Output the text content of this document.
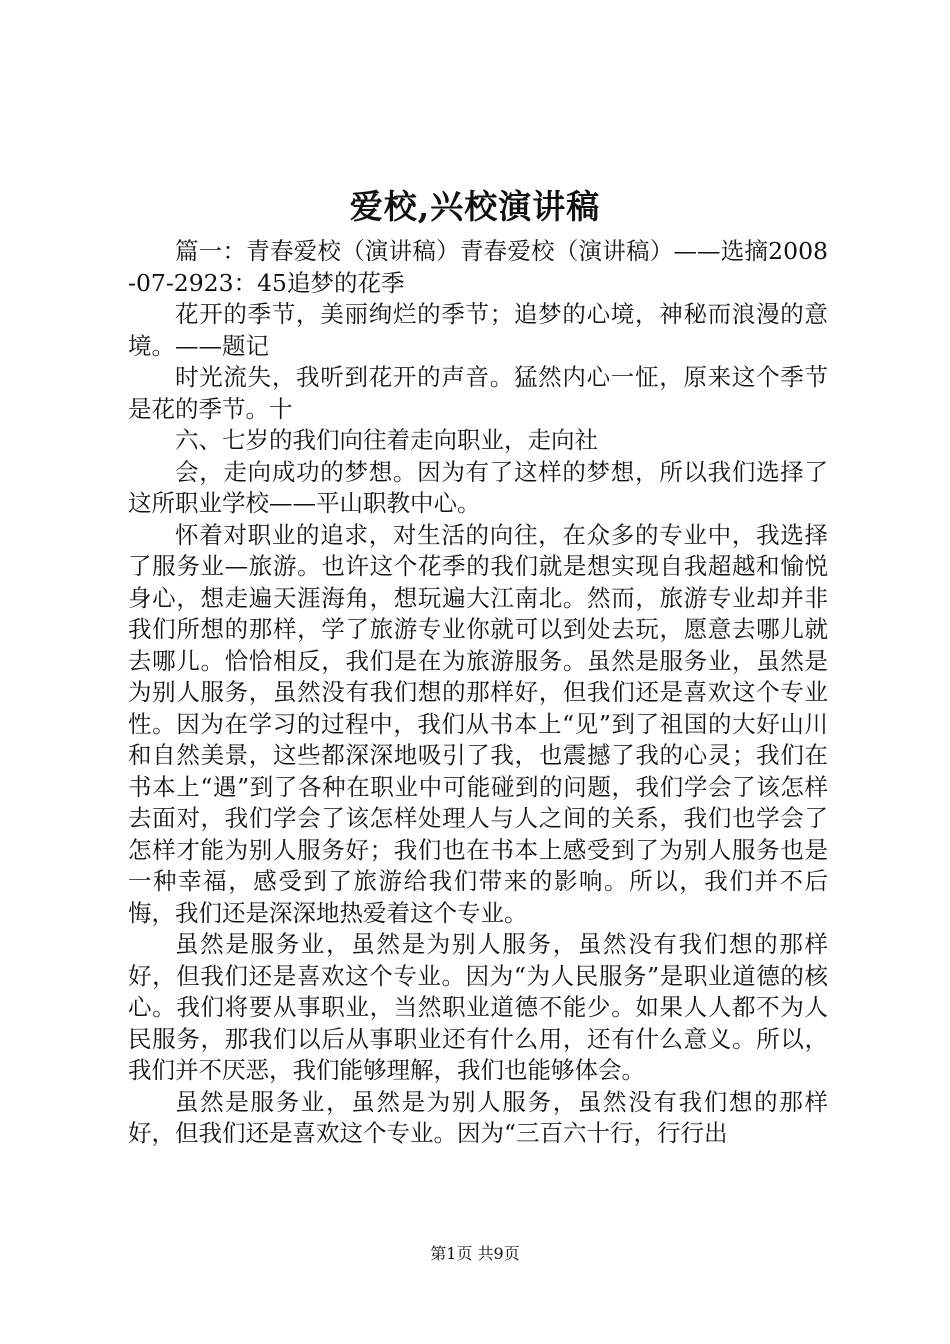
爱校,兴校演讲稿

篇一：青春爱校（演讲稿）青春爱校（演讲稿）——选摘2008-07-2923：45追梦的花季

花开的季节，美丽绚烂的季节；追梦的心境，神秘而浪漫的意境。——题记

时光流失，我听到花开的声音。猛然内心一怔，原来这个季节是花的季节。十

六、七岁的我们向往着走向职业，走向社

会，走向成功的梦想。因为有了这样的梦想，所以我们选择了这所职业学校——平山职教中心。

怀着对职业的追求，对生活的向往，在众多的专业中，我选择了服务业—旅游。也许这个花季的我们就是想实现自我超越和愉悦身心，想走遍天涯海角，想玩遍大江南北。然而，旅游专业却并非我们所想的那样，学了旅游专业你就可以到处去玩，愿意去哪儿就去哪儿。恰恰相反，我们是在为旅游服务。虽然是服务业，虽然是为别人服务，虽然没有我们想的那样好，但我们还是喜欢这个专业性。因为在学习的过程中，我们从书本上“见”到了祖国的大好山川和自然美景，这些都深深地吸引了我，也震撼了我的心灵；我们在书本上“遇”到了各种在职业中可能碰到的问题，我们学会了该怎样去面对，我们学会了该怎样处理人与人之间的关系，我们也学会了怎样才能为别人服务好；我们也在书本上感受到了为别人服务也是一种幸福，感受到了旅游给我们带来的影响。所以，我们并不后悔，我们还是深深地热爱着这个专业。

虽然是服务业，虽然是为别人服务，虽然没有我们想的那样好，但我们还是喜欢这个专业。因为“为人民服务”是职业道德的核心。我们将要从事职业，当然职业道德不能少。如果人人都不为人民服务，那我们以后从事职业还有什么用，还有什么意义。所以，我们并不厌恶，我们能够理解，我们也能够体会。

虽然是服务业，虽然是为别人服务，虽然没有我们想的那样好，但我们还是喜欢这个专业。因为“三百六十行，行行出

第1页 共9页
